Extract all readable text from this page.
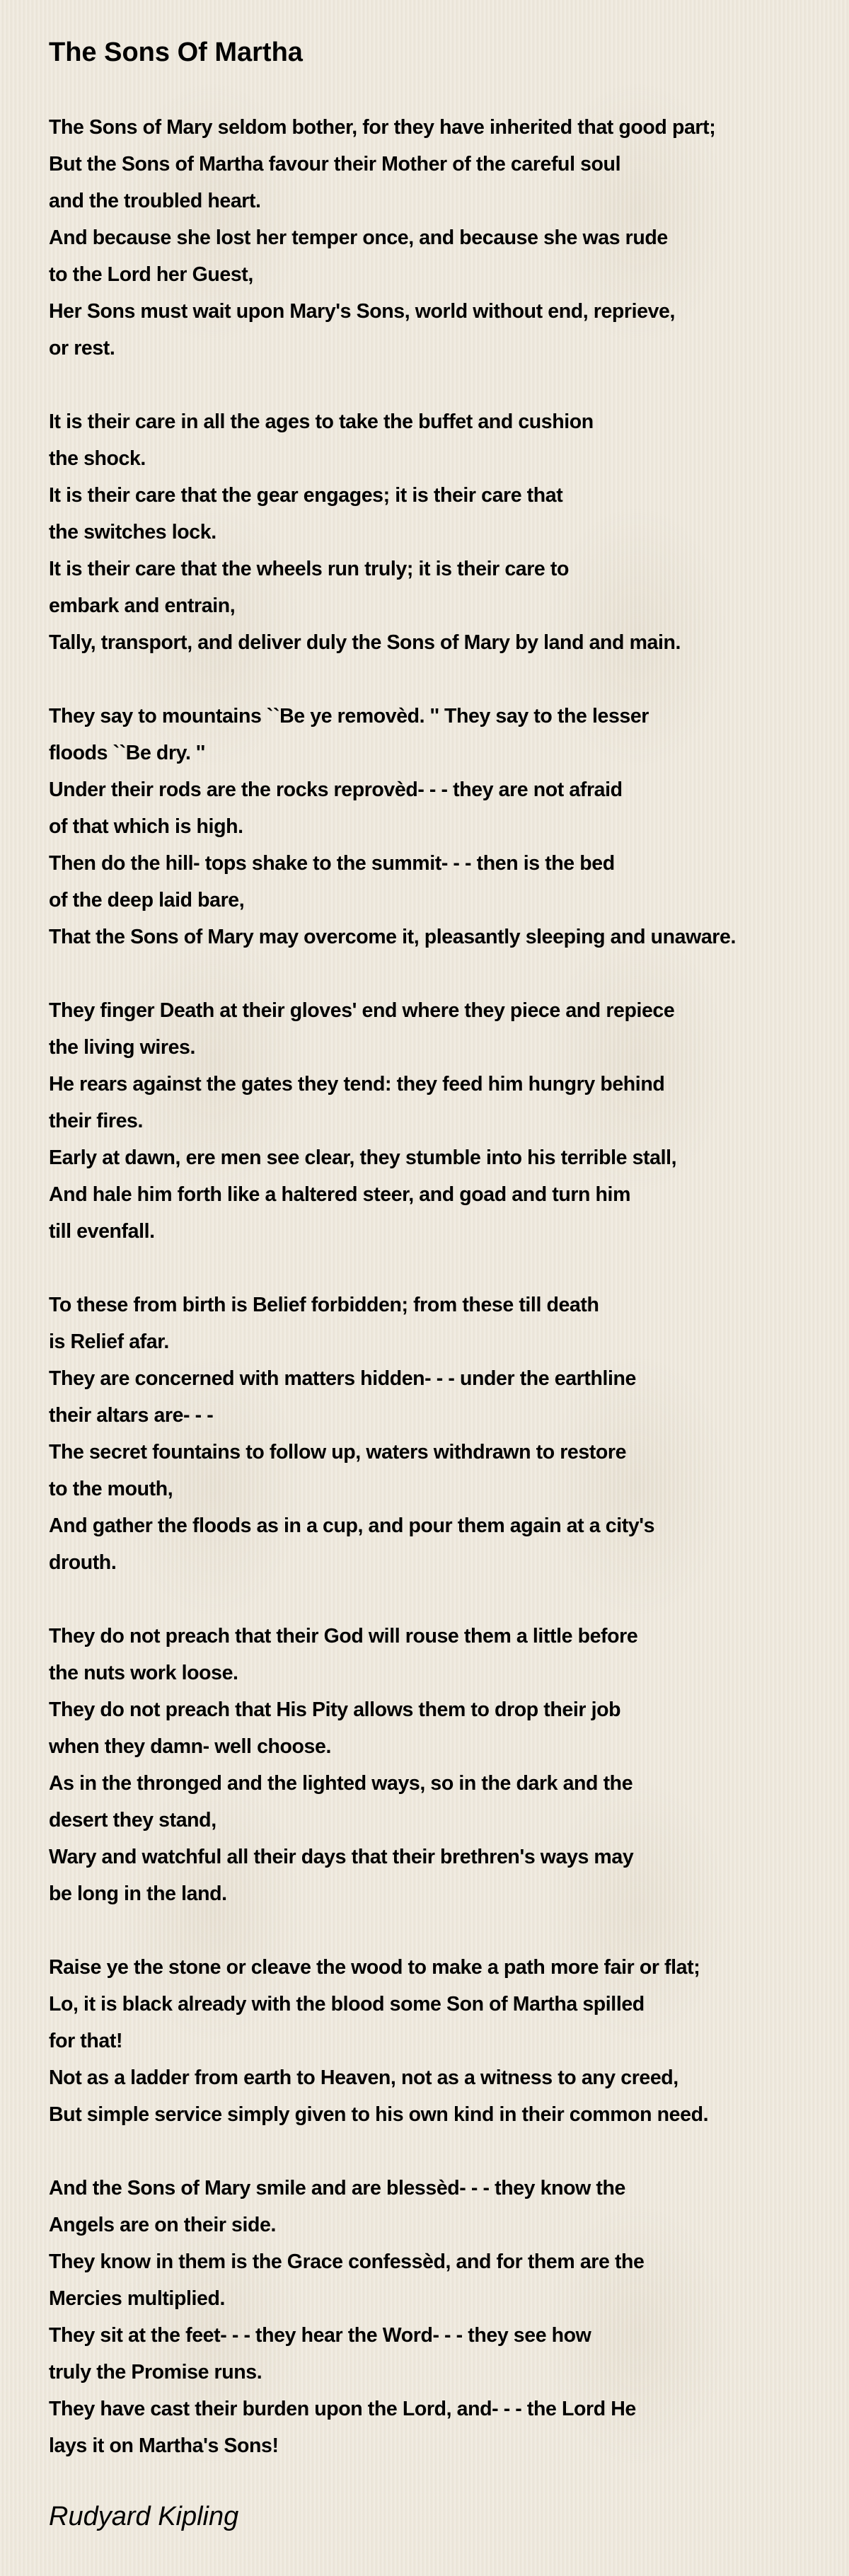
The Sons Of Martha
The Sons of Mary seldom bother, for they have inherited that good part;
But the Sons of Martha favour their Mother of the careful soul
and the troubled heart.
And because she lost her temper once, and because she was rude
to the Lord her Guest,
Her Sons must wait upon Mary's Sons, world without end, reprieve,
or rest.
It is their care in all the ages to take the buffet and cushion
the shock.
It is their care that the gear engages; it is their care that
the switches lock.
It is their care that the wheels run truly; it is their care to
embark and entrain,
Tally, transport, and deliver duly the Sons of Mary by land and main.
They say to mountains ``Be ye removèd. '' They say to the lesser
floods ``Be dry. ''
Under their rods are the rocks reprovèd- - - they are not afraid
of that which is high.
Then do the hill- tops shake to the summit- - - then is the bed
of the deep laid bare,
That the Sons of Mary may overcome it, pleasantly sleeping and unaware.
They finger Death at their gloves' end where they piece and repiece
the living wires.
He rears against the gates they tend: they feed him hungry behind
their fires.
Early at dawn, ere men see clear, they stumble into his terrible stall,
And hale him forth like a haltered steer, and goad and turn him
till evenfall.
To these from birth is Belief forbidden; from these till death
is Relief afar.
They are concerned with matters hidden- - - under the earthline
their altars are- - -
The secret fountains to follow up, waters withdrawn to restore
to the mouth,
And gather the floods as in a cup, and pour them again at a city's
drouth.
They do not preach that their God will rouse them a little before
the nuts work loose.
They do not preach that His Pity allows them to drop their job
when they damn- well choose.
As in the thronged and the lighted ways, so in the dark and the
desert they stand,
Wary and watchful all their days that their brethren's ways may
be long in the land.
Raise ye the stone or cleave the wood to make a path more fair or flat;
Lo, it is black already with the blood some Son of Martha spilled
for that!
Not as a ladder from earth to Heaven, not as a witness to any creed,
But simple service simply given to his own kind in their common need.
And the Sons of Mary smile and are blessèd- - - they know the
Angels are on their side.
They know in them is the Grace confessèd, and for them are the
Mercies multiplied.
They sit at the feet- - - they hear the Word- - - they see how
truly the Promise runs.
They have cast their burden upon the Lord, and- - - the Lord He
lays it on Martha's Sons!
Rudyard Kipling
